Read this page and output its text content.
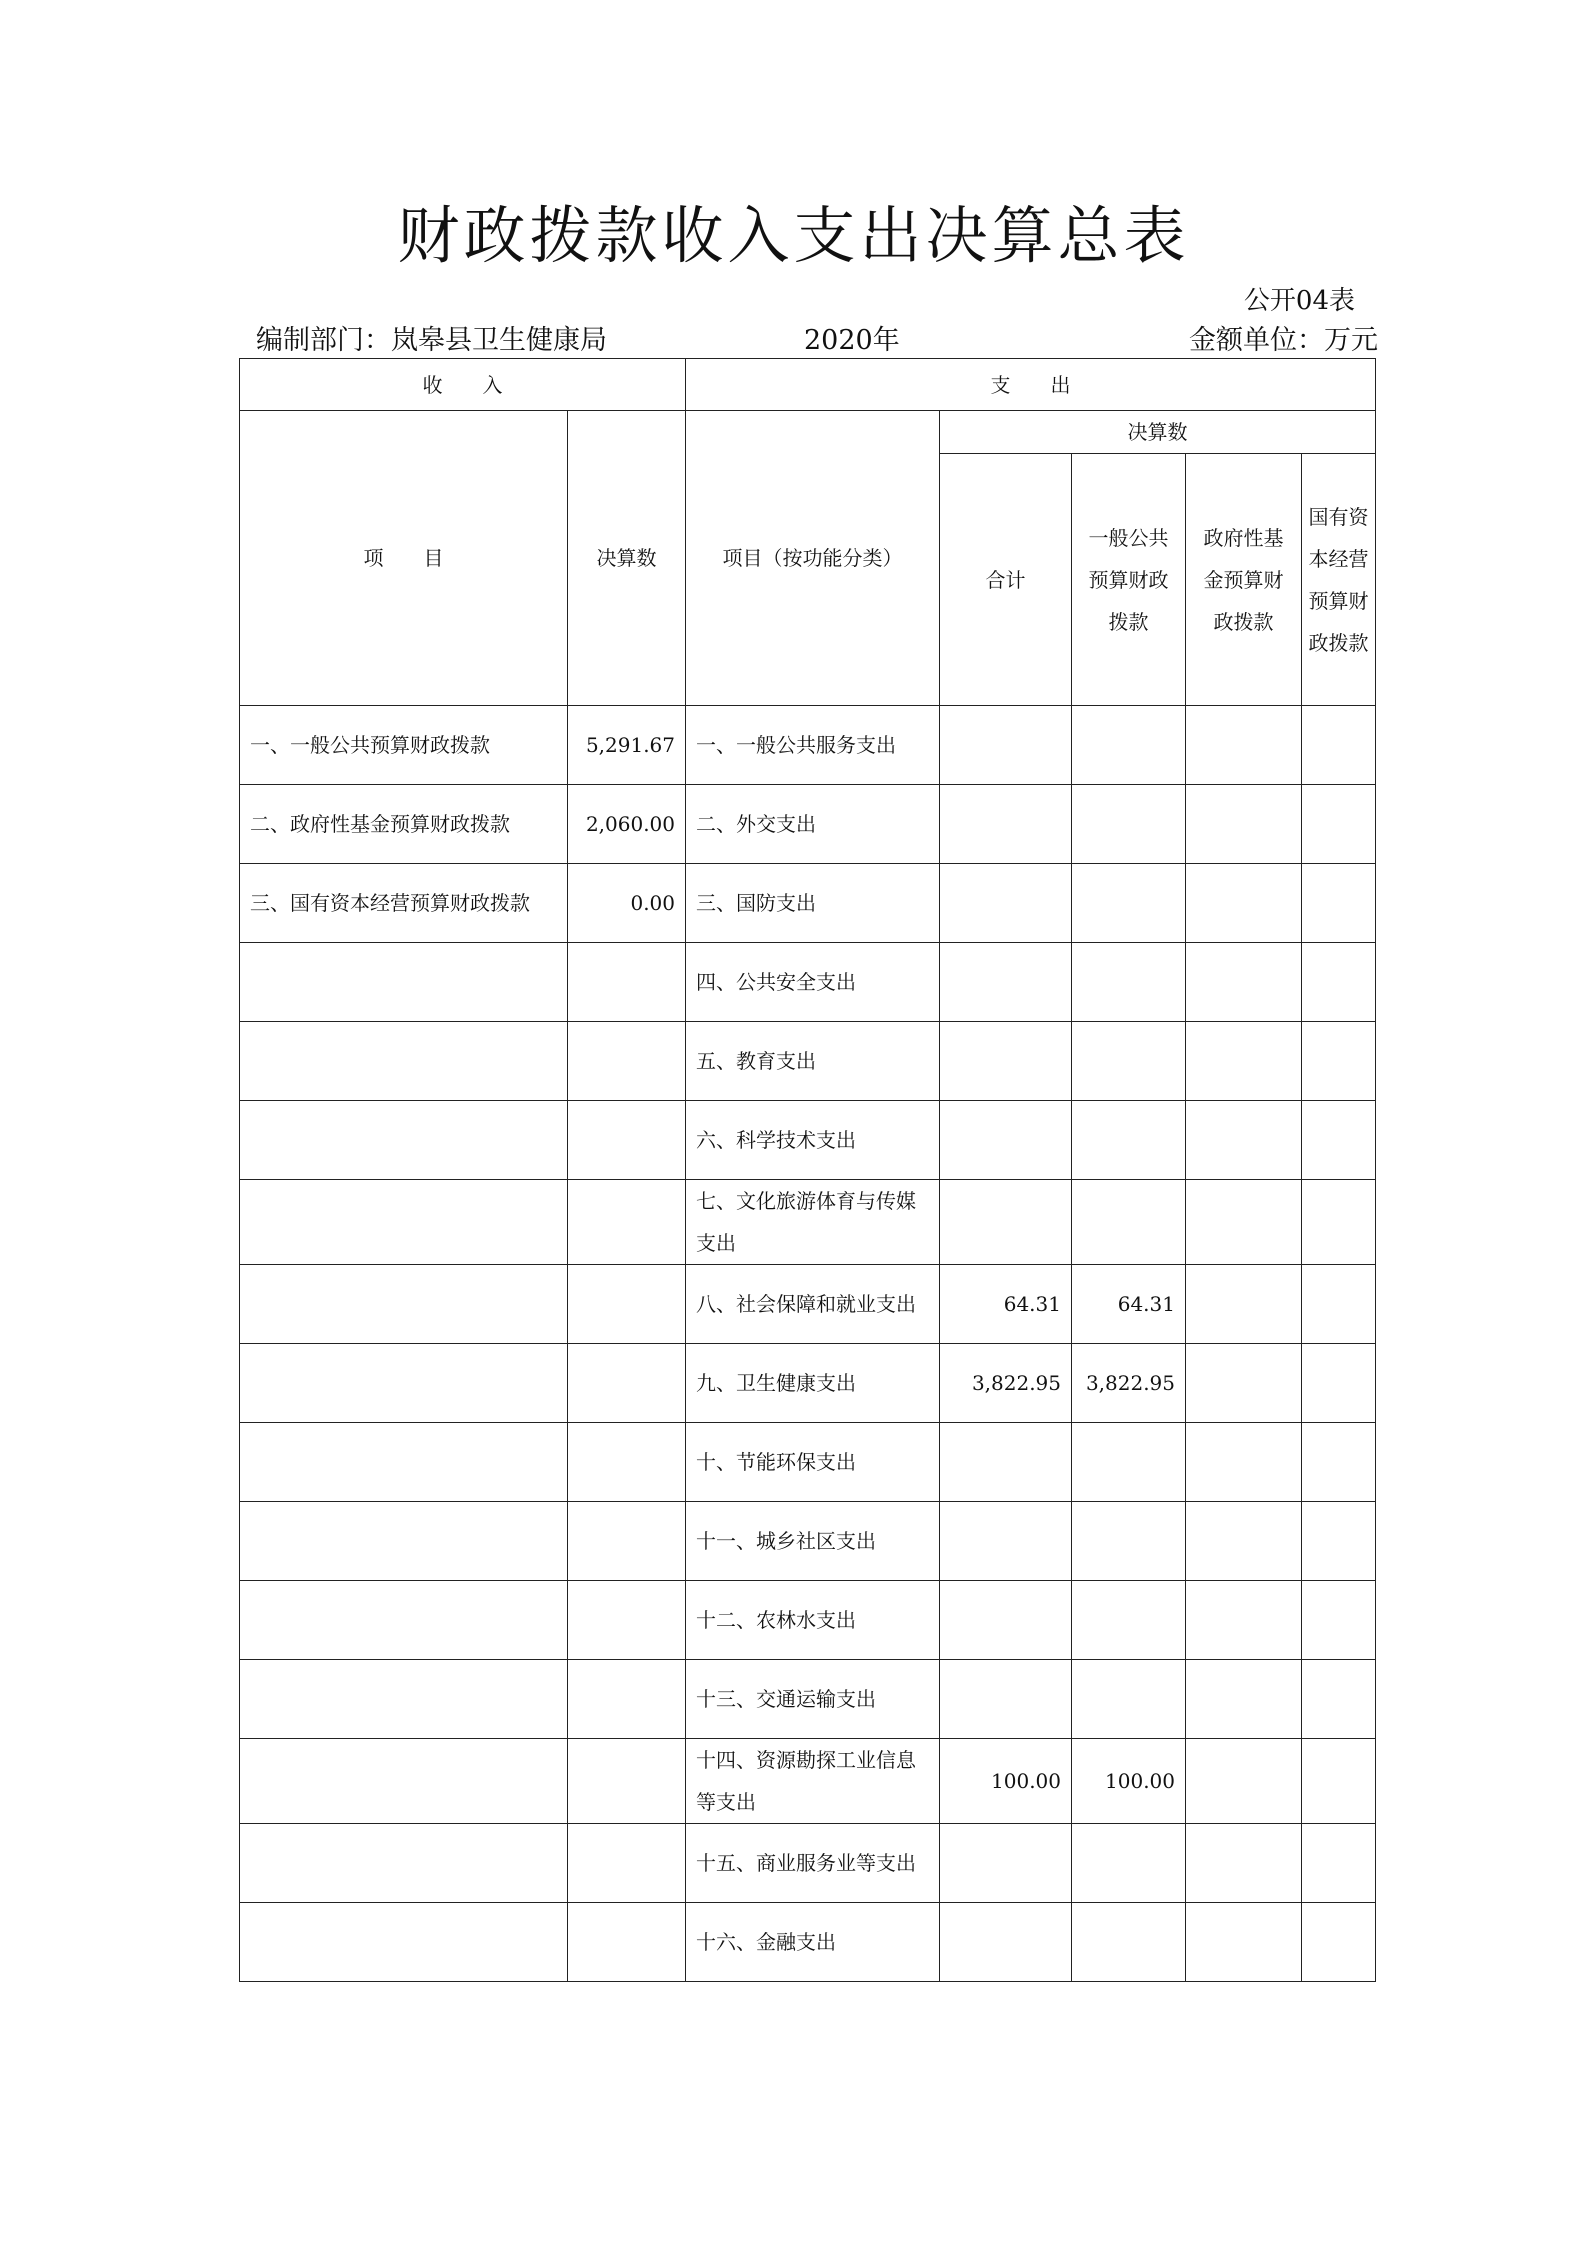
财政拨款收入支出决算总表
公开04表
编制部门：岚皋县卫生健康局	2020年	金额单位：万元
收　　入		支　　出				
项　　目	决算数	项目（按功能分类）	决算数			
			合计	一般公共预算财政拨款	政府性基金预算财政拨款	国有资本经营预算财政拨款
一、一般公共预算财政拨款	5,291.67	一、一般公共服务支出				
二、政府性基金预算财政拨款	2,060.00	二、外交支出				
三、国有资本经营预算财政拨款	0.00	三、国防支出				
		四、公共安全支出				
		五、教育支出				
		六、科学技术支出				
		七、文化旅游体育与传媒支出				
		八、社会保障和就业支出	64.31	64.31		
		九、卫生健康支出	3,822.95	3,822.95		
		十、节能环保支出				
		十一、城乡社区支出				
		十二、农林水支出				
		十三、交通运输支出				
		十四、资源勘探工业信息等支出	100.00	100.00		
		十五、商业服务业等支出				
		十六、金融支出				
